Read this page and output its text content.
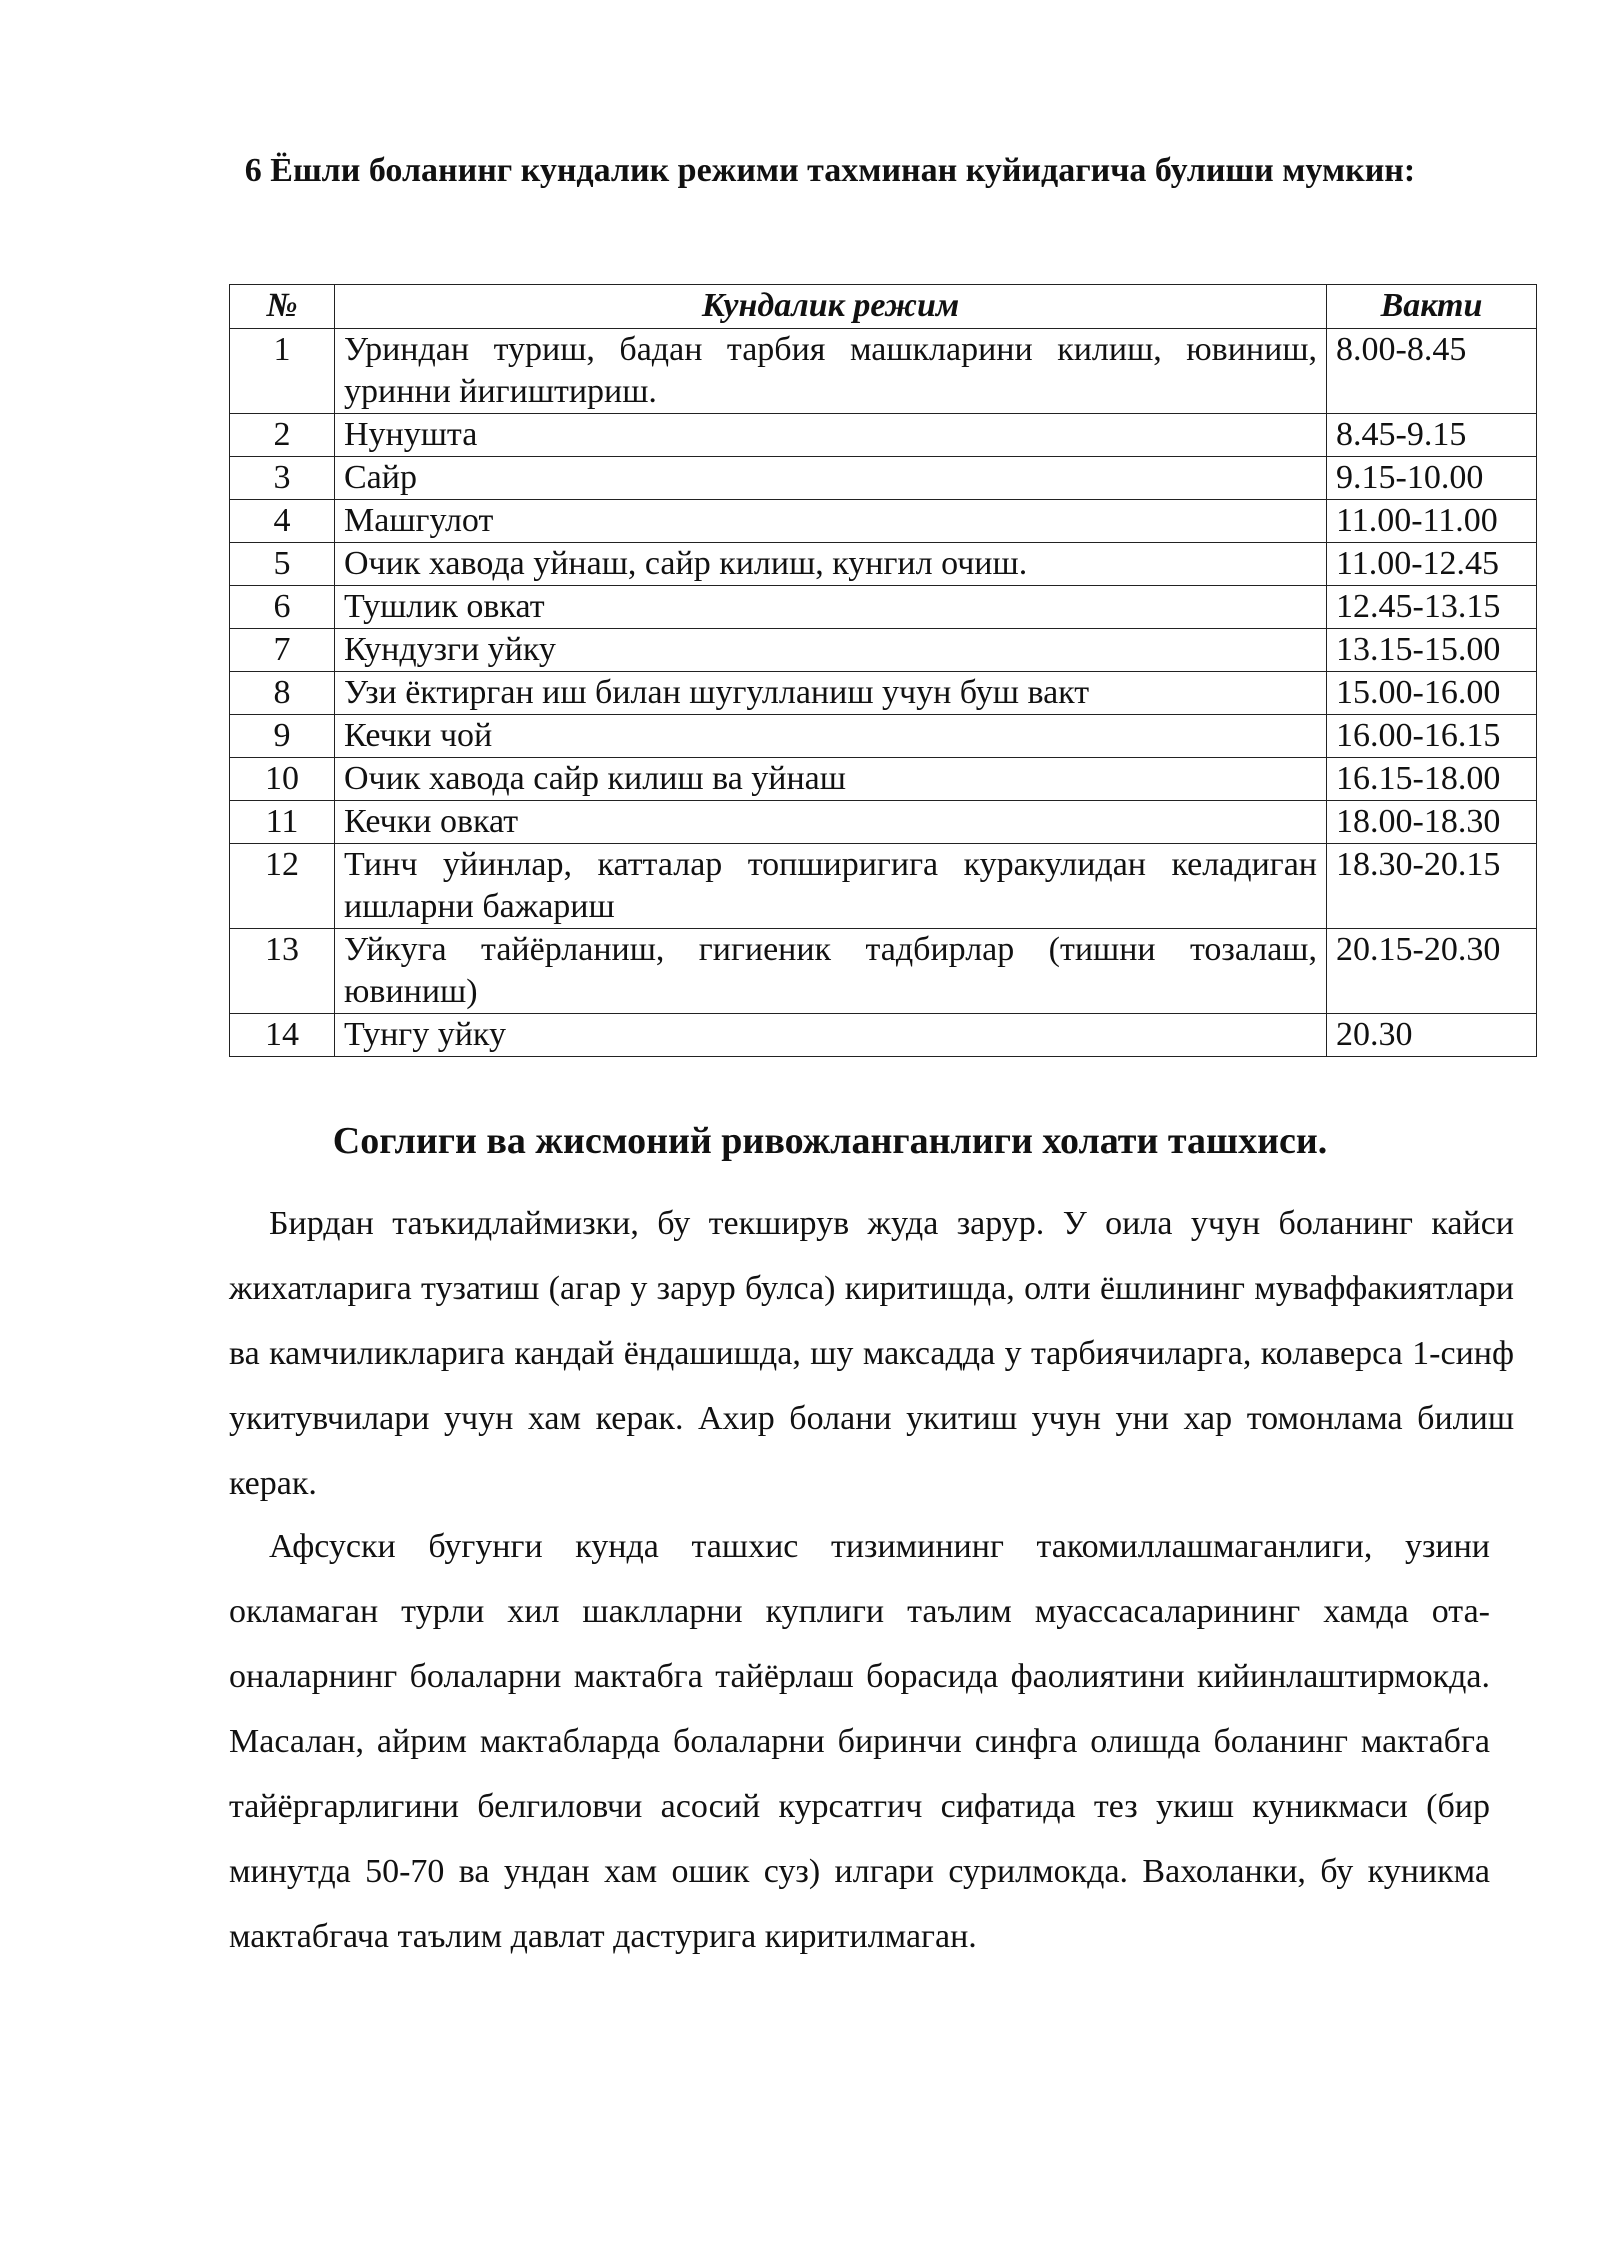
6 Ёшли боланинг кундалик режими тахминан куйидагича булиши мумкин:
№	Кундалик режим	Вакти
1	Уриндан туриш, бадан тарбия машкларини килиш, ювиниш, уринни йигиштириш.	8.00-8.45
2	Нунушта	8.45-9.15
3	Сайр	9.15-10.00
4	Машгулот	11.00-11.00
5	Очик хавода уйнаш, сайр килиш, кунгил очиш.	11.00-12.45
6	Тушлик овкат	12.45-13.15
7	Кундузги уйку	13.15-15.00
8	Узи ёктирган иш билан шугулланиш учун буш вакт	15.00-16.00
9	Кечки чой	16.00-16.15
10	Очик хавода сайр килиш ва уйнаш	16.15-18.00
11	Кечки овкат	18.00-18.30
12	Тинч уйинлар, катталар топширигига куракулидан келадиган ишларни бажариш	18.30-20.15
13	Уйкуга тайёрланиш, гигиеник тадбирлар (тишни тозалаш, ювиниш)	20.15-20.30
14	Тунгу уйку	20.30
Соглиги ва жисмоний ривожланганлиги холати ташхиси.

Бирдан таъкидлаймизки, бу текширув жуда зарур. У оила учун боланинг кайси жихатларига тузатиш (агар у зарур булса) киритишда, олти ёшлининг муваффакиятлари ва камчиликларига кандай ёндашишда, шу максадда у тарбиячиларга, колаверса 1-синф укитувчилари учун хам керак. Ахир болани укитиш учун уни хар томонлама билиш керак.

Афсуски бугунги кунда ташхис тизимининг такомиллашмаганлиги, узини окламаган турли хил шаклларни куплиги таълим муассасаларининг хамда ота-оналарнинг болаларни мактабга тайёрлаш борасида фаолиятини кийинлаштирмокда. Масалан, айрим мактабларда болаларни биринчи синфга олишда боланинг мактабга тайёргарлигини белгиловчи асосий курсатгич сифатида тез укиш куникмаси (бир минутда 50-70 ва ундан хам ошик суз) илгари сурилмокда. Вахоланки, бу куникма мактабгача таълим давлат дастурига киритилмаган.
